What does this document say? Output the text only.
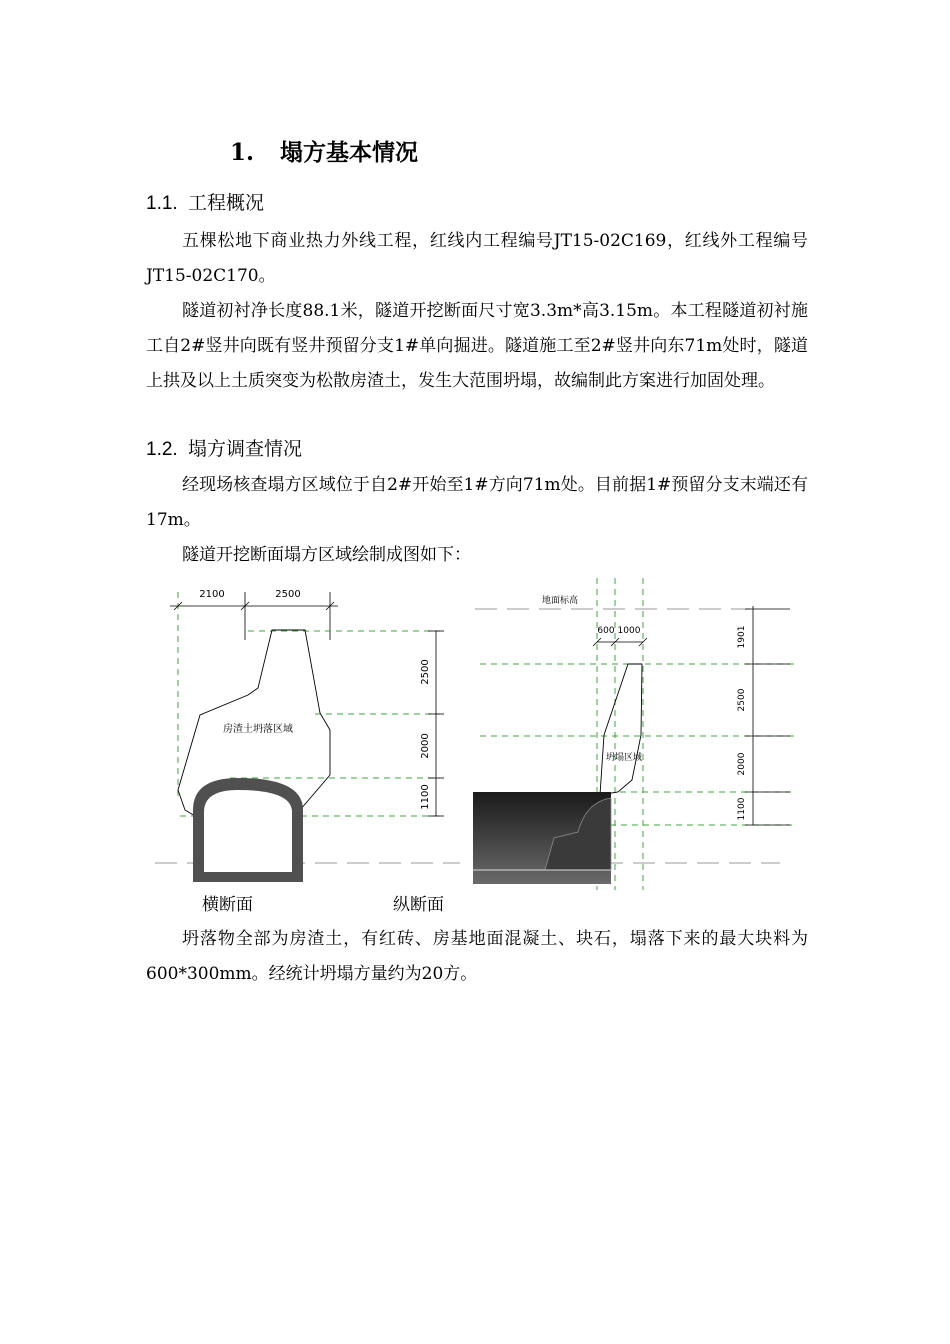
1. 塌方基本情况
1.1. 工程概况

五棵松地下商业热力外线工程，红线内工程编号JT15-02C169，红线外工程编号JT15-02C170。

隧道初衬净长度88.1米，隧道开挖断面尺寸宽3.3m*高3.15m。本工程隧道初衬施工自2#竖井向既有竖井预留分支1#单向掘进。隧道施工至2#竖井向东71m处时，隧道上拱及以上土质突变为松散房渣土，发生大范围坍塌，故编制此方案进行加固处理。

1.2. 塌方调查情况

经现场核查塌方区域位于自2#开始至1#方向71m处。目前据1#预留分支末端还有17m。

隧道开挖断面塌方区域绘制成图如下：

2100	2500
2500
2000
1100
房渣土坍落区域
地面标高
600 1000	1901
2500
2000
1100
坍塌区域
横断面	纵断面

坍落物全部为房渣土，有红砖、房基地面混凝土、块石，塌落下来的最大块料为600*300mm。经统计坍塌方量约为20方。
